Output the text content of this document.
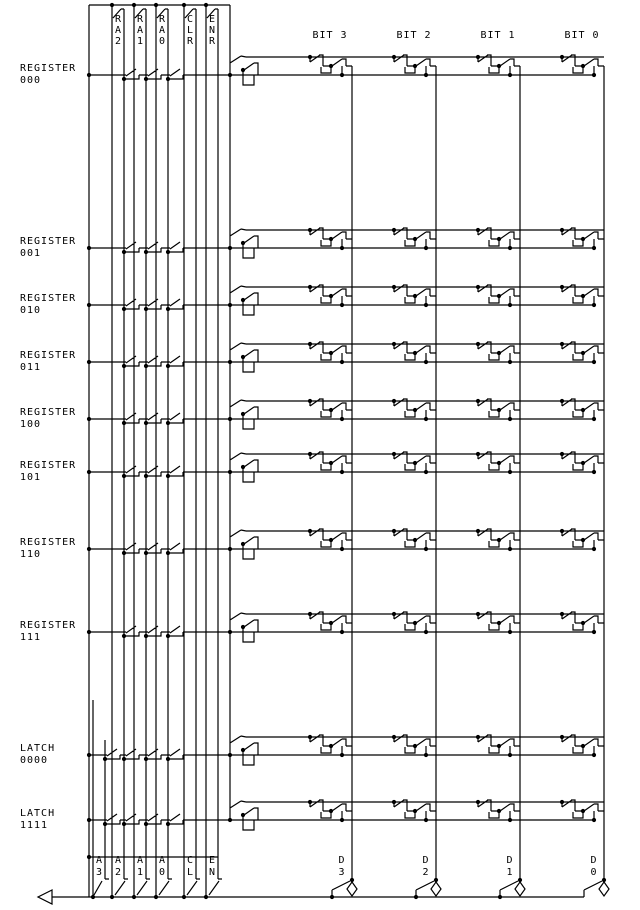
R
A
2
R
A
1
R
A
0
C
L
R
E
N
R
BIT 3	BIT 2	BIT 1	BIT 0
REGISTER
000
REGISTER
001
REGISTER
010
REGISTER
011
REGISTER
100
REGISTER
101
REGISTER
110
REGISTER
111
LATCH
0000
LATCH
1111
A
3
A
2
A
1
A
0
C
L
E
N
D
3
D
2
D
1
D
0
